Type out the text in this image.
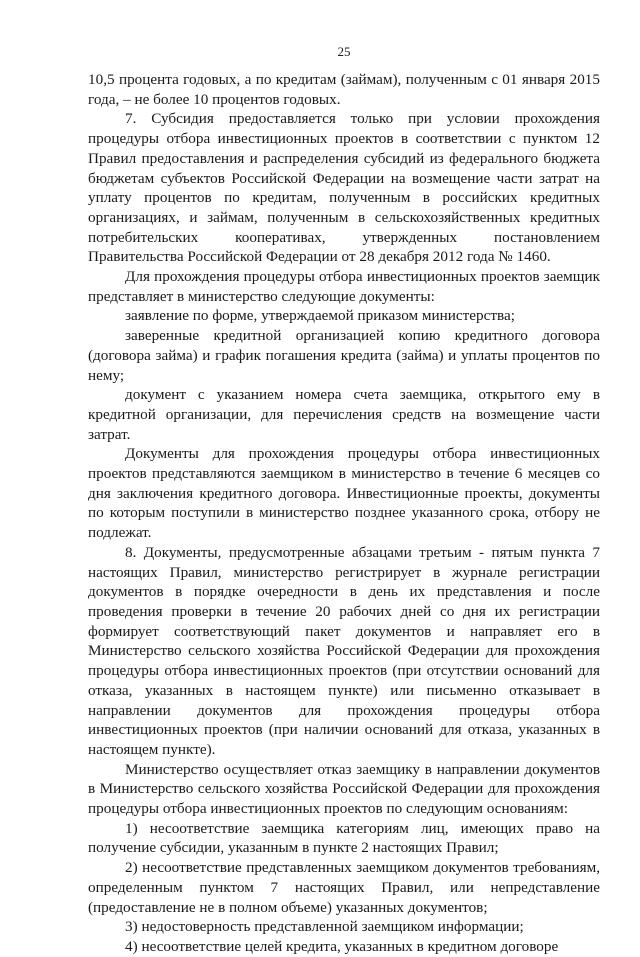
25

10,5 процента годовых, а по кредитам (займам), полученным с 01 января 2015 года, – не более 10 процентов годовых.

7. Субсидия предоставляется только при условии прохождения процедуры отбора инвестиционных проектов в соответствии с пунктом 12 Правил предоставления и распределения субсидий из федерального бюджета бюджетам субъектов Российской Федерации на возмещение части затрат на уплату процентов по кредитам, полученным в российских кредитных организациях, и займам, полученным в сельскохозяйственных кредитных потребительских кооперативах, утвержденных постановлением Правительства Российской Федерации от 28 декабря 2012 года № 1460.

Для прохождения процедуры отбора инвестиционных проектов заемщик представляет в министерство следующие документы:

заявление по форме, утверждаемой приказом министерства;

заверенные кредитной организацией копию кредитного договора (договора займа) и график погашения кредита (займа) и уплаты процентов по нему;

документ с указанием номера счета заемщика, открытого ему в кредитной организации, для перечисления средств на возмещение части затрат.

Документы для прохождения процедуры отбора инвестиционных проектов представляются заемщиком в министерство в течение 6 месяцев со дня заключения кредитного договора. Инвестиционные проекты, документы по которым поступили в министерство позднее указанного срока, отбору не подлежат.

8. Документы, предусмотренные абзацами третьим - пятым пункта 7 настоящих Правил, министерство регистрирует в журнале регистрации документов в порядке очередности в день их представления и после проведения проверки в течение 20 рабочих дней со дня их регистрации формирует соответствующий пакет документов и направляет его в Министерство сельского хозяйства Российской Федерации для прохождения процедуры отбора инвестиционных проектов (при отсутствии оснований для отказа, указанных в настоящем пункте) или письменно отказывает в направлении документов для прохождения процедуры отбора инвестиционных проектов (при наличии оснований для отказа, указанных в настоящем пункте).

Министерство осуществляет отказ заемщику в направлении документов в Министерство сельского хозяйства Российской Федерации для прохождения процедуры отбора инвестиционных проектов по следующим основаниям:

1) несоответствие заемщика категориям лиц, имеющих право на получение субсидии, указанным в пункте 2 настоящих Правил;

2) несоответствие представленных заемщиком документов требованиям, определенным пунктом 7 настоящих Правил, или непредставление (предоставление не в полном объеме) указанных документов;

3) недостоверность представленной заемщиком информации;

4) несоответствие целей кредита, указанных в кредитном договоре
